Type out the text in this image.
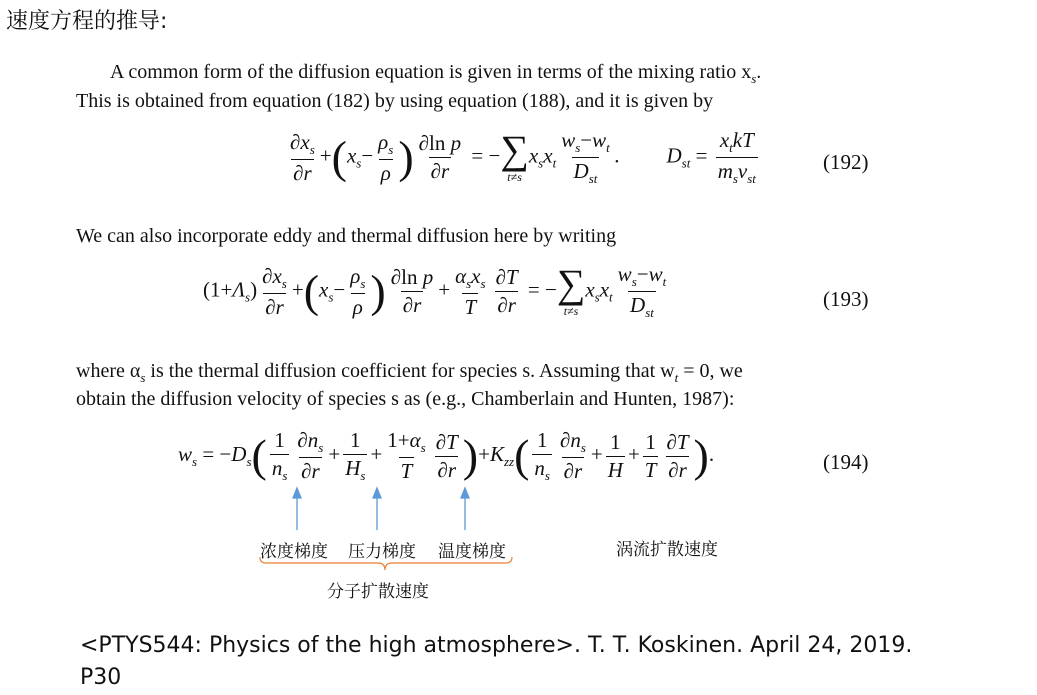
速度方程的推导:
A common form of the diffusion equation is given in terms of the mixing ratio $x_s$.
This is obtained from equation (182) by using equation (188), and it is given by
$\frac{\partial x_s}{\partial r} +(x_s- \frac{\rho_s}{\rho}$ ) $\frac{\text{∂ln p}}{\partial r}$ = − ∑
t≠s
$x_sx_t \frac{w_s-w_t}{D_{st}}$ .  $D_{st} = \frac{x_tkT}{m_s\nu_{st}}$	(192)
We can also incorporate eddy and thermal diffusion here by writing
$(1+\Lambda_s) \frac{\partial x_s}{\partial r} +(x_s- \frac{\rho_s}{\rho}$ ) $\frac{\text{∂ln p}}{\partial r} + \frac{\alpha_sx_s}{T} \frac{\partial T}{\partial r}$ = − ∑
t≠s
$x_sx_t \frac{w_s-w_t}{D_{st}}$	(193)
where $\alpha_s$ is the thermal diffusion coefficient for species s. Assuming that $w_t = 0$, we
obtain the diffusion velocity of species s as (e.g., Chamberlain and Hunten, 1987):
$w_s = -D_s( \frac{1}{n_s} \frac{\partial n_s}{\partial r} + \frac{1}{H_s} + \frac{1+\alpha_s}{T} \frac{\partial T}{\partial r} )+K_{zz}( \frac{1}{n_s} \frac{\partial n_s}{\partial r} + \frac{1}{H} + \frac{1}{T} \frac{\partial T}{\partial r}$ ).	(194)
浓度梯度 压力梯度 温度梯度	涡流扩散速度
分子扩散速度
<PTYS544: Physics of the high atmosphere>. T. T. Koskinen. April 24, 2019.
P30
